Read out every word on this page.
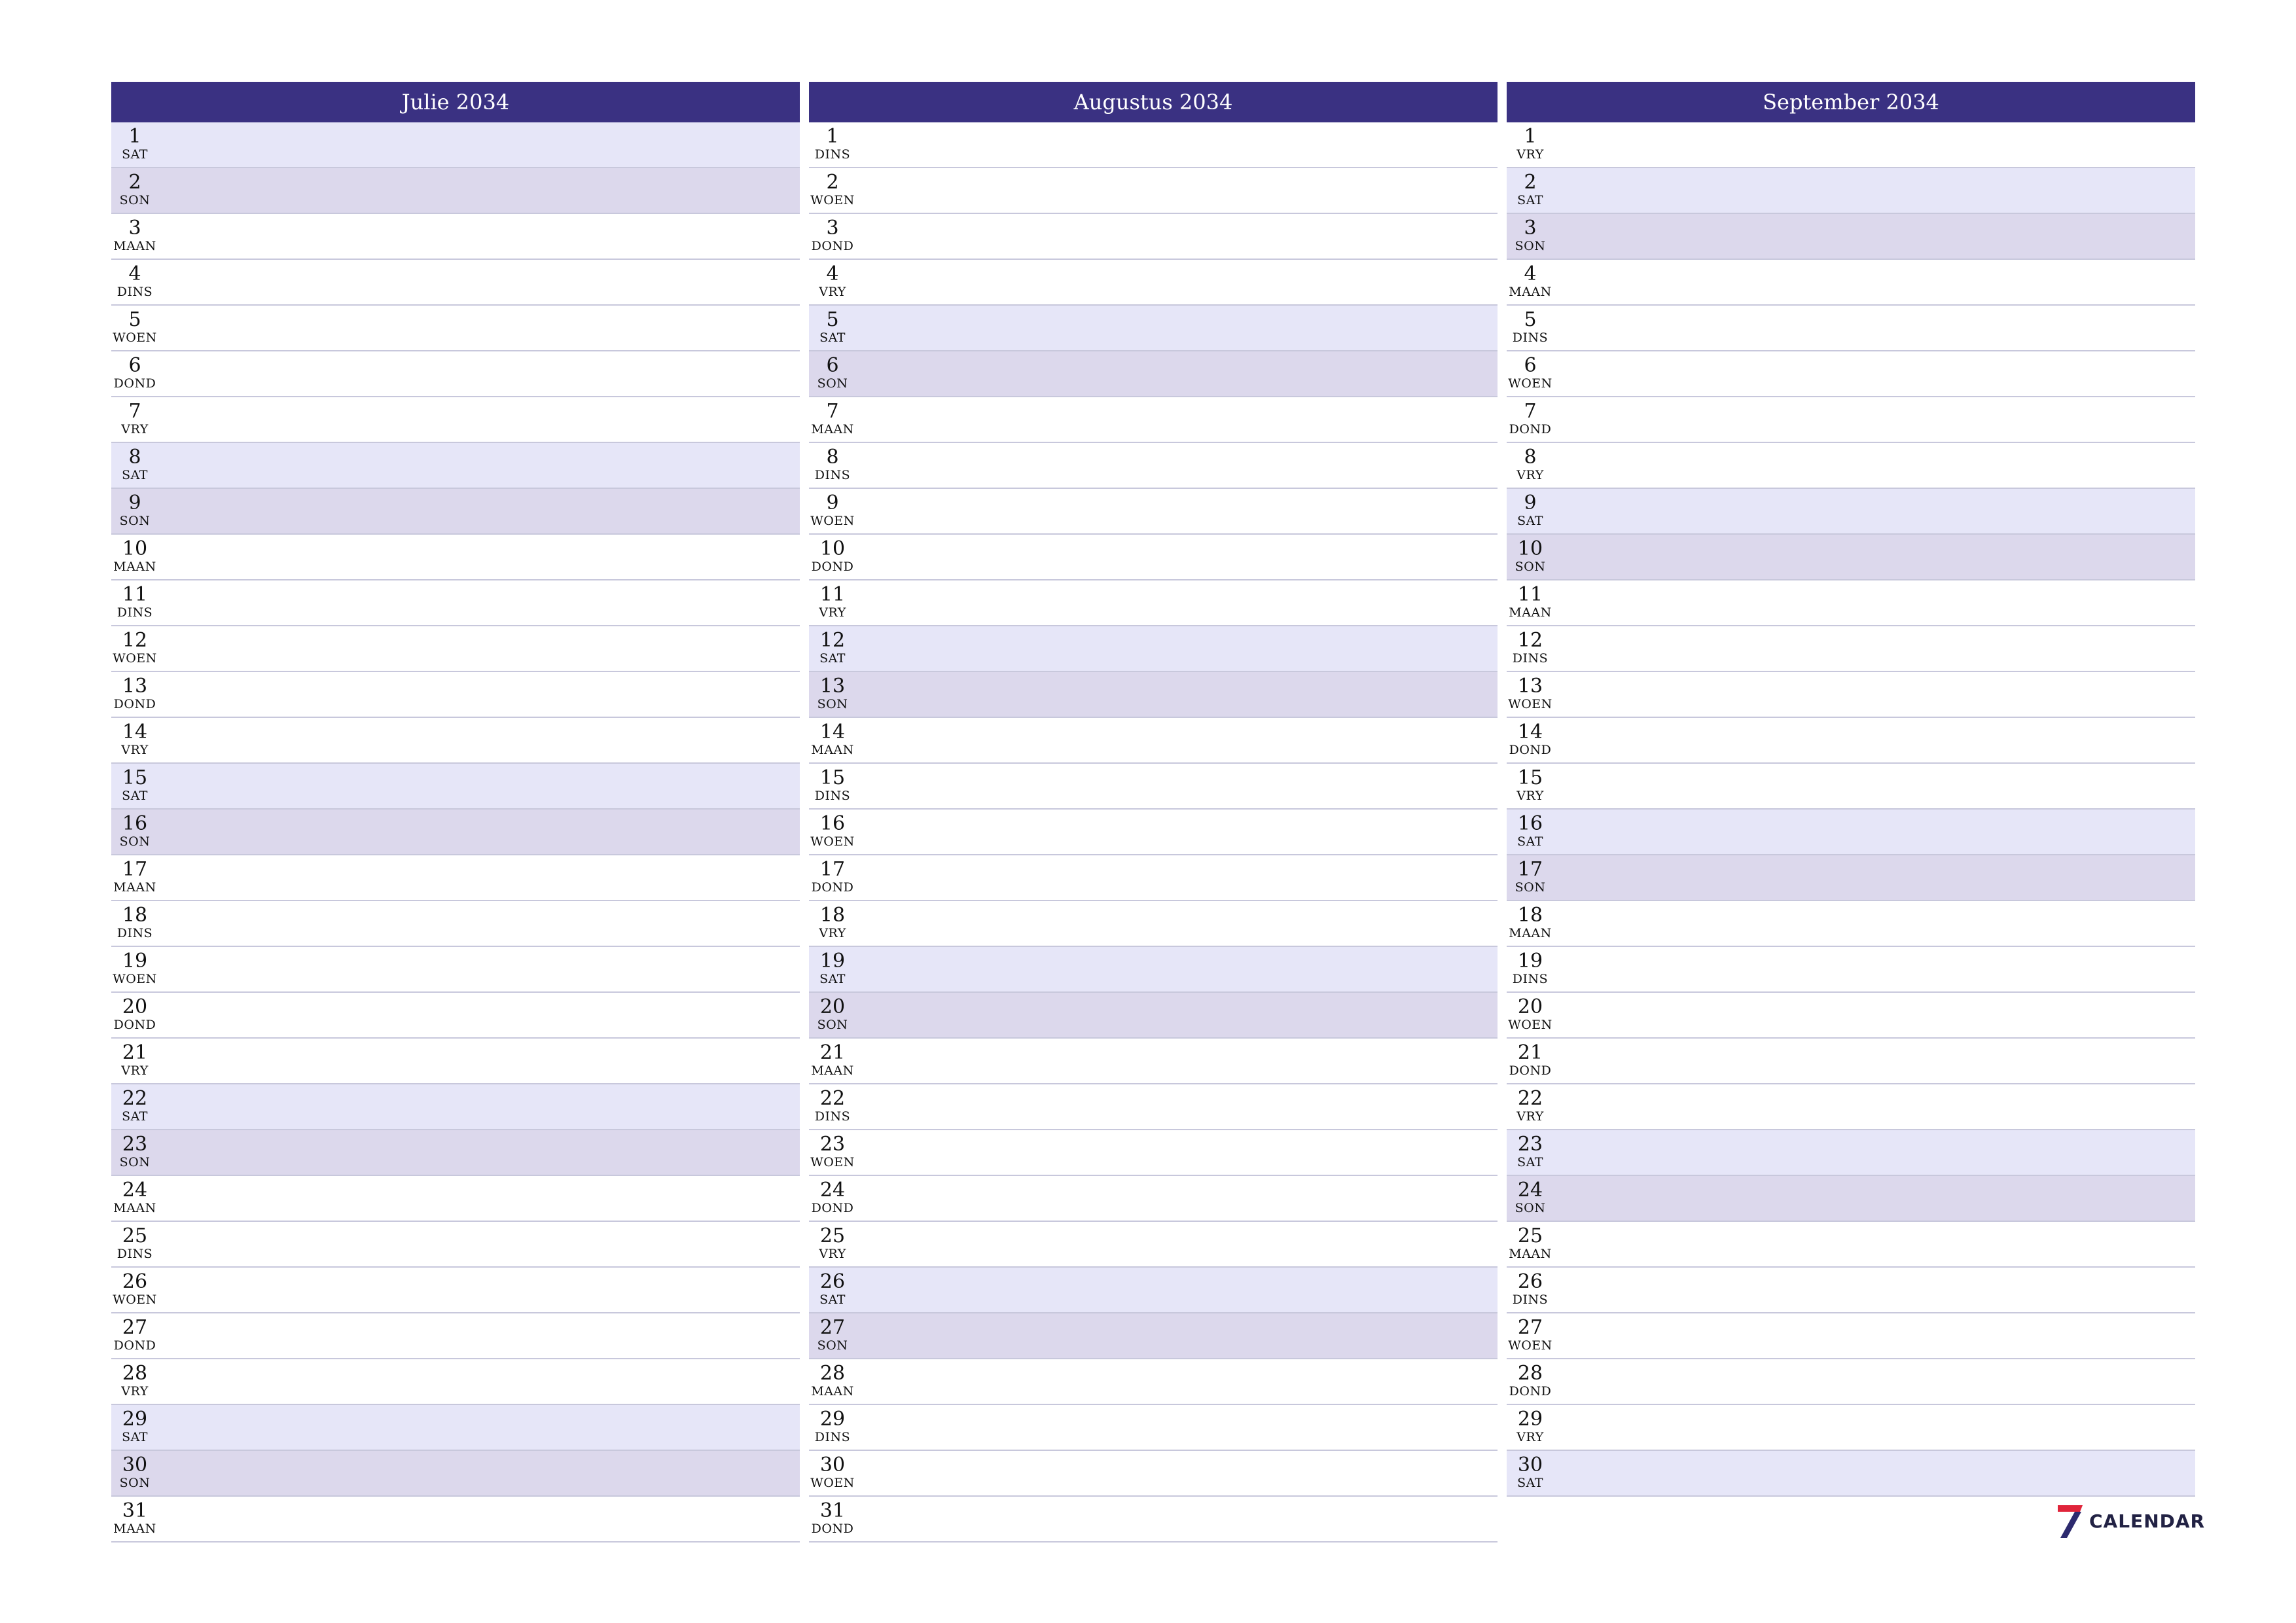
Julie 2034
1
SAT
2
SON
3
MAAN
4
DINS
5
WOEN
6
DOND
7
VRY
8
SAT
9
SON
10
MAAN
11
DINS
12
WOEN
13
DOND
14
VRY
15
SAT
16
SON
17
MAAN
18
DINS
19
WOEN
20
DOND
21
VRY
22
SAT
23
SON
24
MAAN
25
DINS
26
WOEN
27
DOND
28
VRY
29
SAT
30
SON
31
MAAN
Augustus 2034
1
DINS
2
WOEN
3
DOND
4
VRY
5
SAT
6
SON
7
MAAN
8
DINS
9
WOEN
10
DOND
11
VRY
12
SAT
13
SON
14
MAAN
15
DINS
16
WOEN
17
DOND
18
VRY
19
SAT
20
SON
21
MAAN
22
DINS
23
WOEN
24
DOND
25
VRY
26
SAT
27
SON
28
MAAN
29
DINS
30
WOEN
31
DOND
September 2034
1
VRY
2
SAT
3
SON
4
MAAN
5
DINS
6
WOEN
7
DOND
8
VRY
9
SAT
10
SON
11
MAAN
12
DINS
13
WOEN
14
DOND
15
VRY
16
SAT
17
SON
18
MAAN
19
DINS
20
WOEN
21
DOND
22
VRY
23
SAT
24
SON
25
MAAN
26
DINS
27
WOEN
28
DOND
29
VRY
30
SAT
CALENDAR
